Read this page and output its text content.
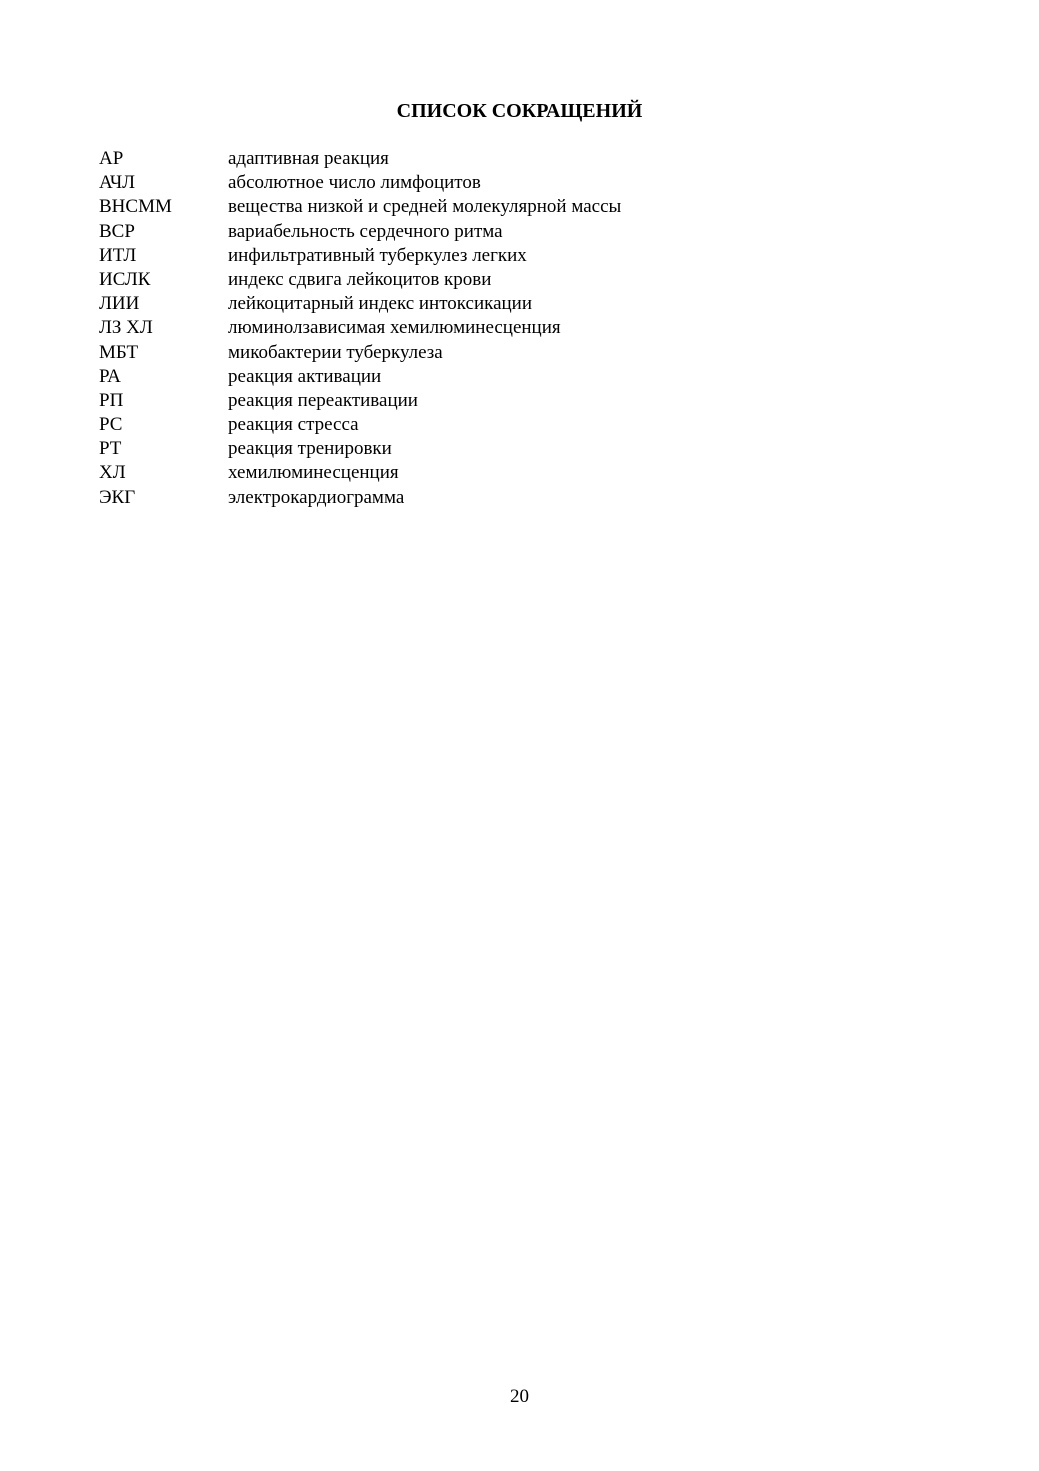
СПИСОК СОКРАЩЕНИЙ
АР	адаптивная реакция
АЧЛ	абсолютное число лимфоцитов
ВНСММ	вещества низкой и средней молекулярной массы
ВСР	вариабельность сердечного ритма
ИТЛ	инфильтративный туберкулез легких
ИСЛК	индекс сдвига лейкоцитов крови
ЛИИ	лейкоцитарный индекс интоксикации
ЛЗ ХЛ	люминолзависимая хемилюминесценция
МБТ	микобактерии туберкулеза
РА	реакция активации
РП	реакция переактивации
РС	реакция стресса
РТ	реакция тренировки
ХЛ	хемилюминесценция
ЭКГ	электрокардиограмма
20
